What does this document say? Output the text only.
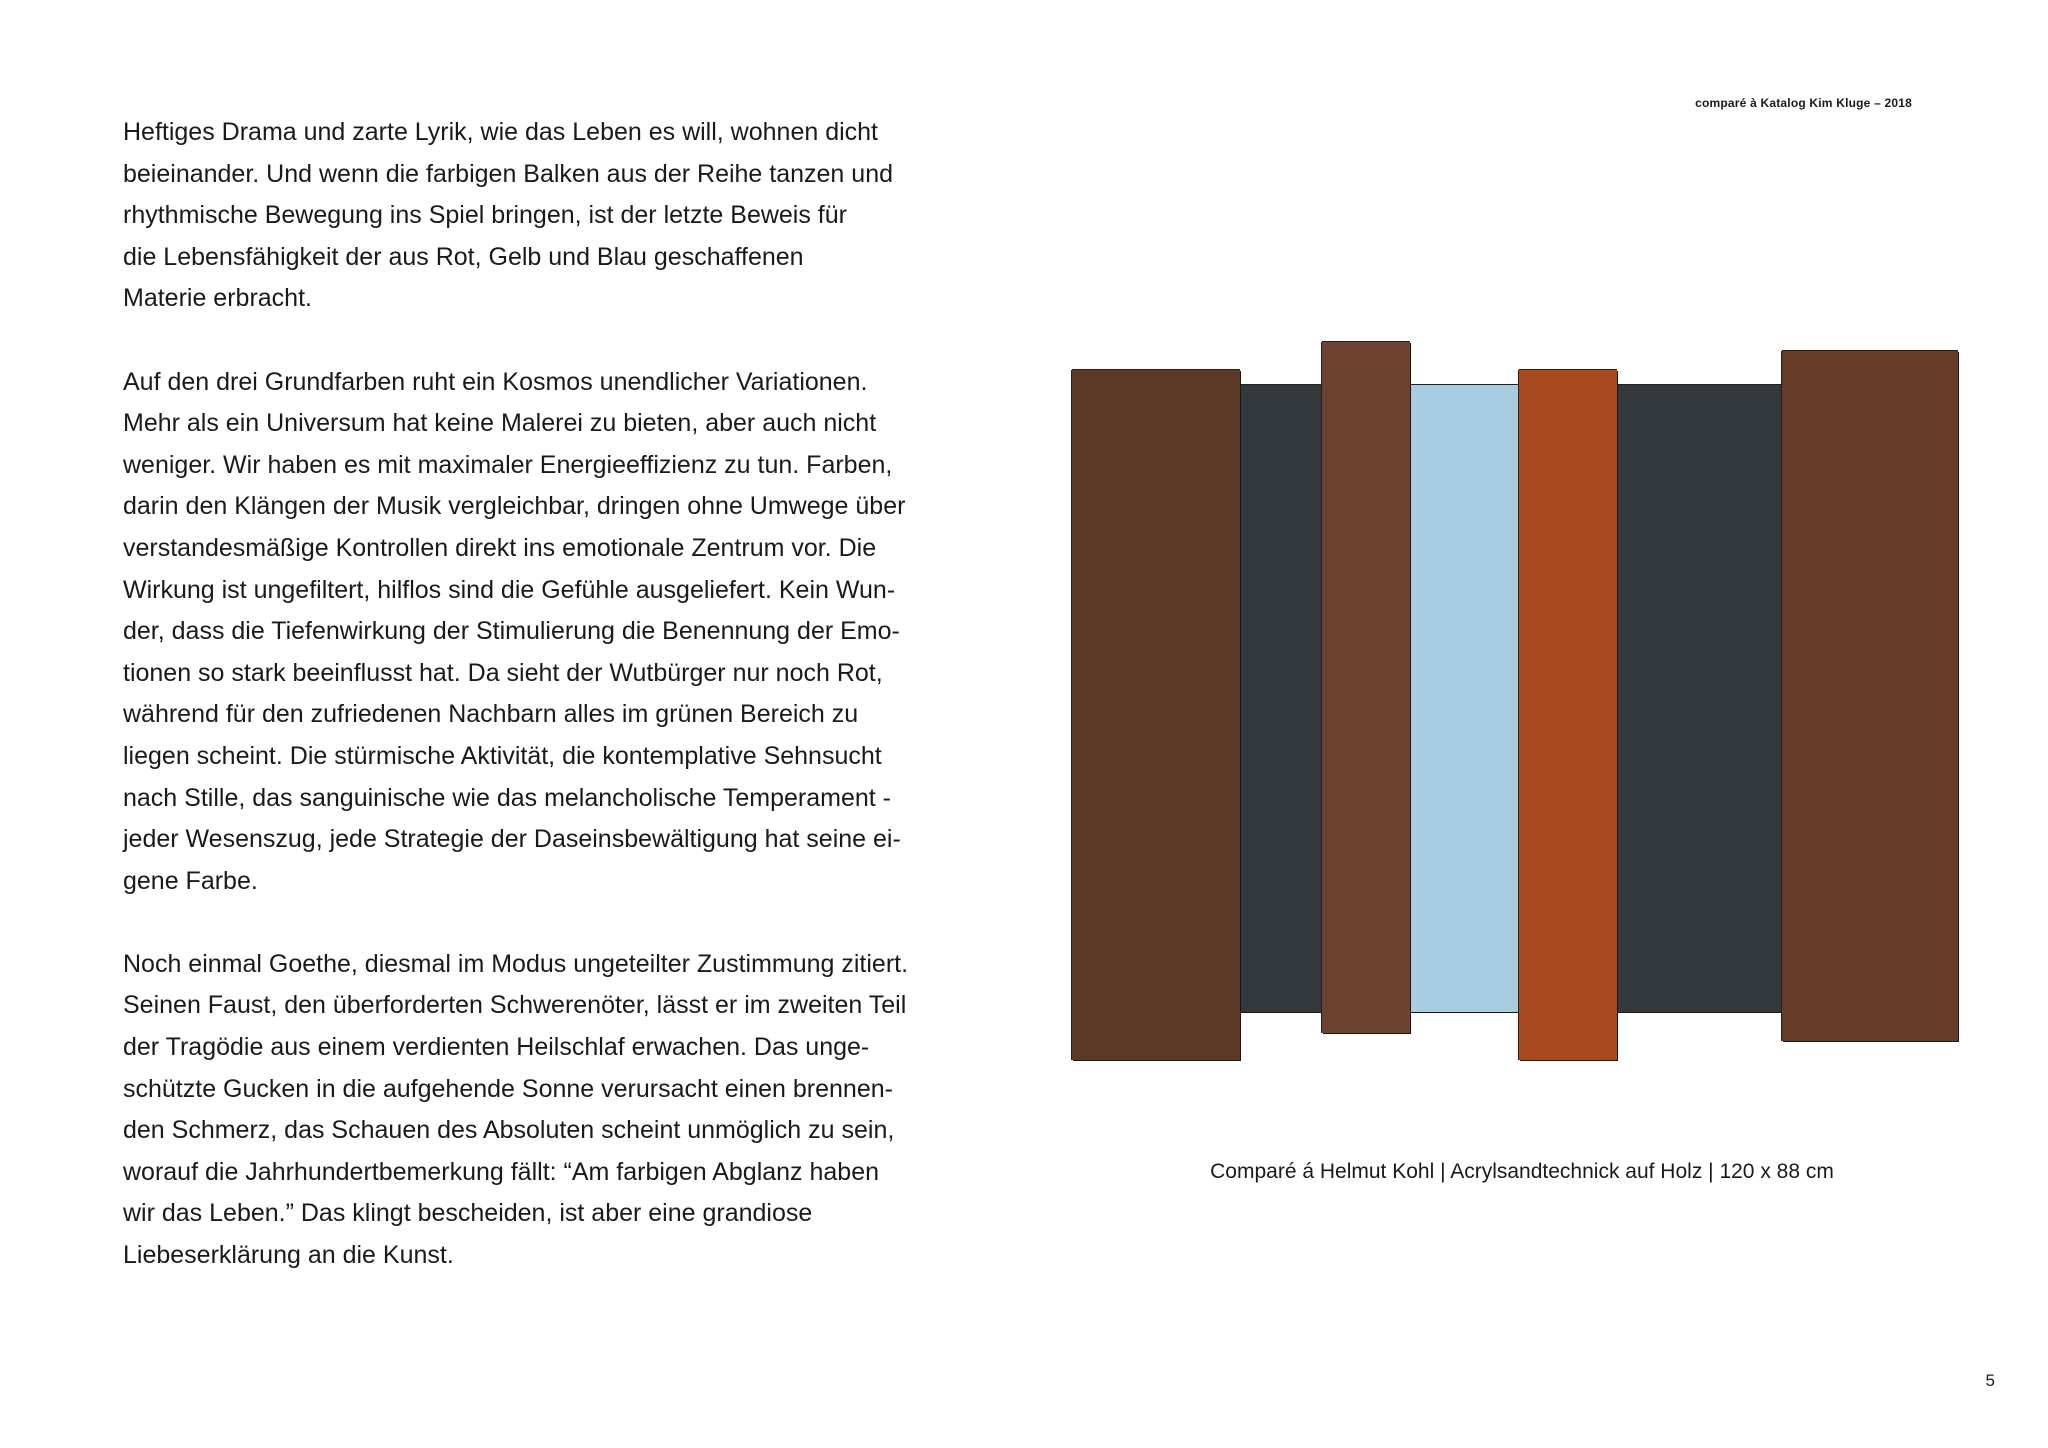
comparé à Katalog Kim Kluge – 2018

Heftiges Drama und zarte Lyrik, wie das Leben es will, wohnen dicht
beieinander. Und wenn die farbigen Balken aus der Reihe tanzen und
rhythmische Bewegung ins Spiel bringen, ist der letzte Beweis für
die Lebensfähigkeit der aus Rot, Gelb und Blau geschaffenen
Materie erbracht.

Auf den drei Grundfarben ruht ein Kosmos unendlicher Variationen.
Mehr als ein Universum hat keine Malerei zu bieten, aber auch nicht
weniger. Wir haben es mit maximaler Energieeffizienz zu tun. Farben,
darin den Klängen der Musik vergleichbar, dringen ohne Umwege über
verstandesmäßige Kontrollen direkt ins emotionale Zentrum vor. Die
Wirkung ist ungefiltert, hilflos sind die Gefühle ausgeliefert. Kein Wun-
der, dass die Tiefenwirkung der Stimulierung die Benennung der Emo-
tionen so stark beeinflusst hat. Da sieht der Wutbürger nur noch Rot,
während für den zufriedenen Nachbarn alles im grünen Bereich zu
liegen scheint. Die stürmische Aktivität, die kontemplative Sehnsucht
nach Stille, das sanguinische wie das melancholische Temperament -
jeder Wesenszug, jede Strategie der Daseinsbewältigung hat seine ei-
gene Farbe.

Noch einmal Goethe, diesmal im Modus ungeteilter Zustimmung zitiert.
Seinen Faust, den überforderten Schwerenöter, lässt er im zweiten Teil
der Tragödie aus einem verdienten Heilschlaf erwachen. Das unge-
schützte Gucken in die aufgehende Sonne verursacht einen brennen-
den Schmerz, das Schauen des Absoluten scheint unmöglich zu sein,
worauf die Jahrhundertbemerkung fällt: “Am farbigen Abglanz haben
wir das Leben.” Das klingt bescheiden, ist aber eine grandiose
Liebeserklärung an die Kunst.

Comparé á Helmut Kohl | Acrylsandtechnick auf Holz | 120 x 88 cm
5
